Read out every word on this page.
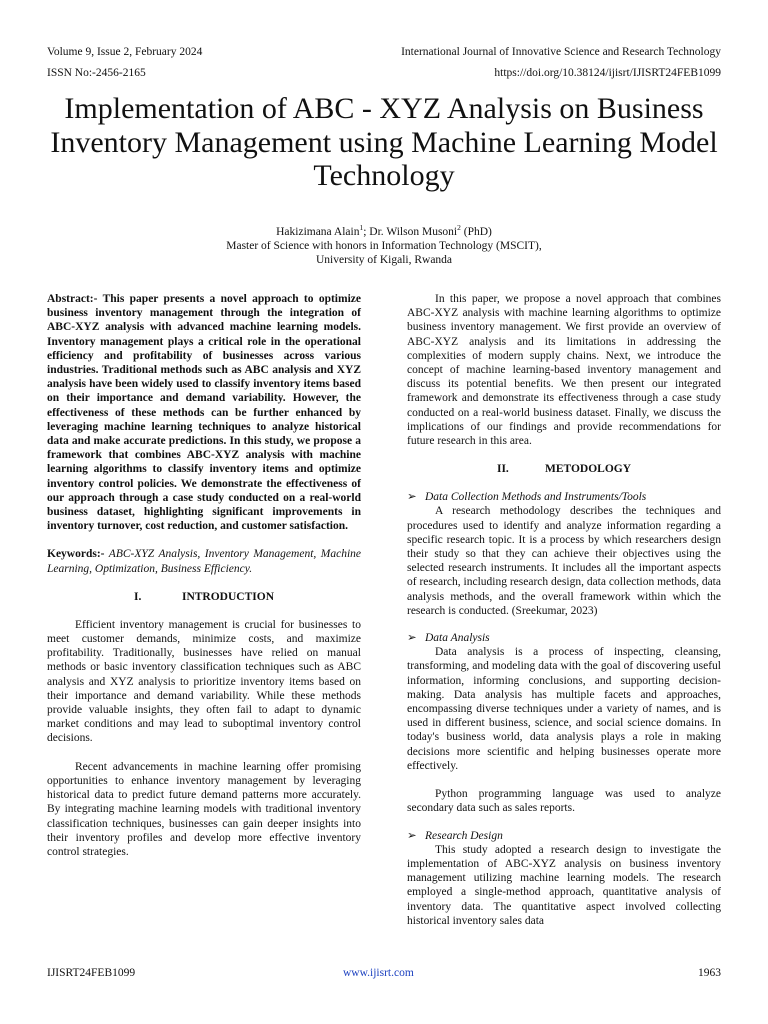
Volume 9, Issue 2, February 2024	International Journal of Innovative Science and Research Technology
ISSN No:-2456-2165	https://doi.org/10.38124/ijisrt/IJISRT24FEB1099
Implementation of ABC - XYZ Analysis on Business Inventory Management using Machine Learning Model Technology
Hakizimana Alain$^1$; Dr. Wilson Musoni$^2$ (PhD)
Master of Science with honors in Information Technology (MSCIT),
University of Kigali, Rwanda

Abstract:- This paper presents a novel approach to optimize business inventory management through the integration of ABC-XYZ analysis with advanced machine learning models. Inventory management plays a critical role in the operational efficiency and profitability of businesses across various industries. Traditional methods such as ABC analysis and XYZ analysis have been widely used to classify inventory items based on their importance and demand variability. However, the effectiveness of these methods can be further enhanced by leveraging machine learning techniques to analyze historical data and make accurate predictions. In this study, we propose a framework that combines ABC-XYZ analysis with machine learning algorithms to classify inventory items and optimize inventory control policies. We demonstrate the effectiveness of our approach through a case study conducted on a real-world business dataset, highlighting significant improvements in inventory turnover, cost reduction, and customer satisfaction.

Keywords:- ABC-XYZ Analysis, Inventory Management, Machine Learning, Optimization, Business Efficiency.

I.	INTRODUCTION

Efficient inventory management is crucial for businesses to meet customer demands, minimize costs, and maximize profitability. Traditionally, businesses have relied on manual methods or basic inventory classification techniques such as ABC analysis and XYZ analysis to prioritize inventory items based on their importance and demand variability. While these methods provide valuable insights, they often fail to adapt to dynamic market conditions and may lead to suboptimal inventory control decisions.

Recent advancements in machine learning offer promising opportunities to enhance inventory management by leveraging historical data to predict future demand patterns more accurately. By integrating machine learning models with traditional inventory classification techniques, businesses can gain deeper insights into their inventory profiles and develop more effective inventory control strategies.

In this paper, we propose a novel approach that combines ABC-XYZ analysis with machine learning algorithms to optimize business inventory management. We first provide an overview of ABC-XYZ analysis and its limitations in addressing the complexities of modern supply chains. Next, we introduce the concept of machine learning-based inventory management and discuss its potential benefits. We then present our integrated framework and demonstrate its effectiveness through a case study conducted on a real-world business dataset. Finally, we discuss the implications of our findings and provide recommendations for future research in this area.

II.	METODOLOGY
➢ Data Collection Methods and Instruments/Tools

A research methodology describes the techniques and procedures used to identify and analyze information regarding a specific research topic. It is a process by which researchers design their study so that they can achieve their objectives using the selected research instruments. It includes all the important aspects of research, including research design, data collection methods, data analysis methods, and the overall framework within which the research is conducted. (Sreekumar, 2023)

➢ Data Analysis

Data analysis is a process of inspecting, cleansing, transforming, and modeling data with the goal of discovering useful information, informing conclusions, and supporting decision-making. Data analysis has multiple facets and approaches, encompassing diverse techniques under a variety of names, and is used in different business, science, and social science domains. In today's business world, data analysis plays a role in making decisions more scientific and helping businesses operate more effectively.

Python programming language was used to analyze secondary data such as sales reports.

➢ Research Design

This study adopted a research design to investigate the implementation of ABC-XYZ analysis on business inventory management utilizing machine learning models. The research employed a single-method approach, quantitative analysis of inventory data. The quantitative aspect involved collecting historical inventory sales data

IJISRT24FEB1099	www.ijisrt.com	1963
